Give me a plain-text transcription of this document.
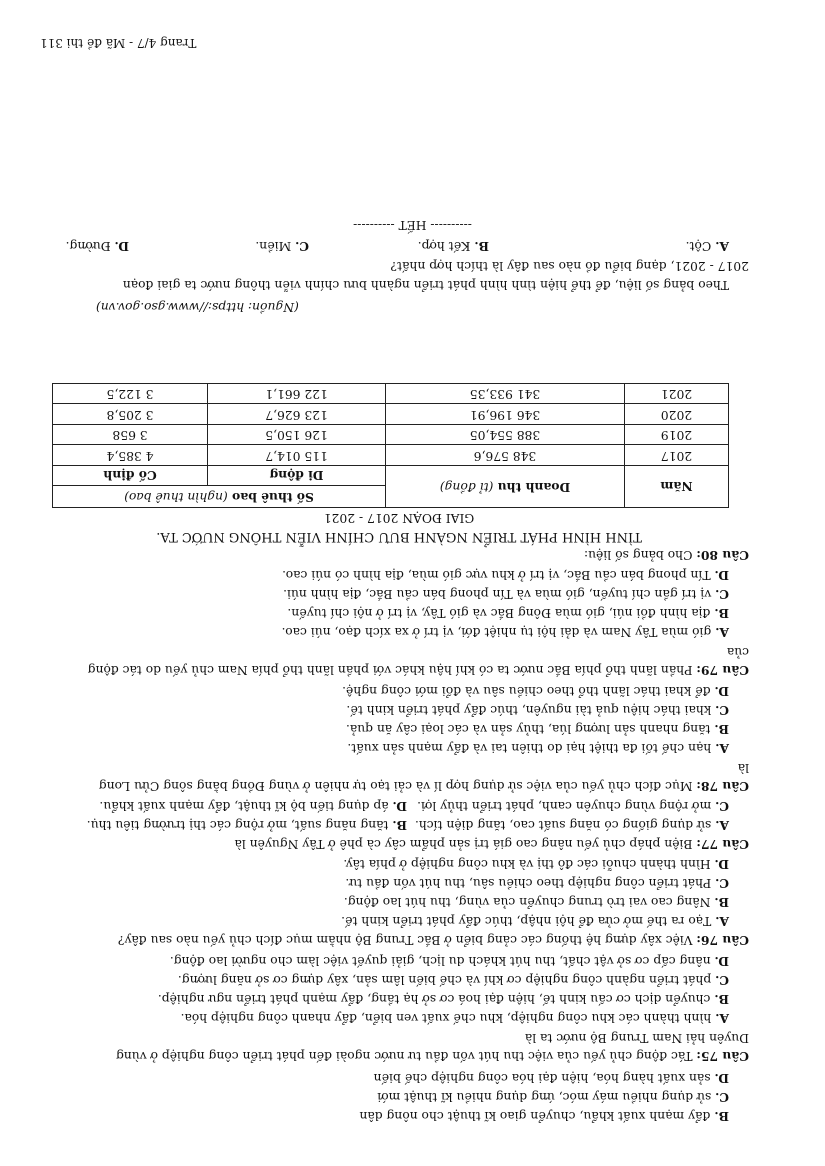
B. đẩy mạnh xuất khẩu, chuyển giao kĩ thuật cho nông dân
C. sử dụng nhiều máy móc, ứng dụng nhiều kĩ thuật mới
D. sản xuất hàng hóa, hiện đại hóa công nghiệp chế biến
Câu 75: Tác động chủ yếu của việc thu hút vốn đầu tư nước ngoài đến phát triển công nghiệp ở vùng
Duyên hải Nam Trung Bộ nước ta là
A. hình thành các khu công nghiệp, khu chế xuất ven biển, đẩy nhanh công nghiệp hóa.
B. chuyển dịch cơ cấu kinh tế, hiện đại hoá cơ sở hạ tầng, đẩy mạnh phát triển ngư nghiệp.
C. phát triển ngành công nghiệp cơ khí và chế biến lâm sản, xây dựng cơ sở năng lượng.
D. nâng cấp cơ sở vật chất, thu hút khách du lịch, giải quyết việc làm cho người lao động.
Câu 76: Việc xây dựng hệ thống các cảng biển ở Bắc Trung Bộ nhằm mục đích chủ yếu nào sau đây?
A. Tạo ra thế mở cửa để hội nhập, thúc đẩy phát triển kinh tế.
B. Nâng cao vai trò trung chuyển của vùng, thu hút lao động.
C. Phát triển công nghiệp theo chiều sâu, thu hút vốn đầu tư.
D. Hình thành chuỗi các đô thị và khu công nghiệp ở phía tây.
Câu 77: Biện pháp chủ yếu nâng cao giá trị sản phẩm cây cà phê ở Tây Nguyên là
A. sử dụng giống có năng suất cao, tăng diện tích.
B. tăng năng suất, mở rộng các thị trường tiêu thụ.
C. mở rộng vùng chuyên canh, phát triển thủy lợi.
D. áp dụng tiến bộ kĩ thuật, đẩy mạnh xuất khẩu.
Câu 78: Mục đích chủ yếu của việc sử dụng hợp lí và cải tạo tự nhiên ở vùng Đồng bằng sông Cửu Long
là
A. hạn chế tối đa thiệt hại do thiên tai và đẩy mạnh sản xuất.
B. tăng nhanh sản lượng lúa, thủy sản và các loại cây ăn quả.
C. khai thác hiệu quả tài nguyên, thúc đẩy phát triển kinh tế.
D. để khai thác lãnh thổ theo chiều sâu và đổi mới công nghệ.
Câu 79: Phần lãnh thổ phía Bắc nước ta có khí hậu khác với phần lãnh thổ phía Nam chủ yếu do tác động
của
A. gió mùa Tây Nam và dải hội tụ nhiệt đới, vị trí ở xa xích đạo, núi cao.
B. địa hình đồi núi, gió mùa Đông Bắc và gió Tây, vị trí ở nội chí tuyến.
C. vị trí gần chí tuyến, gió mùa và Tín phong bán cầu Bắc, địa hình núi.
D. Tín phong bán cầu Bắc, vị trí ở khu vực gió mùa, địa hình có núi cao.
Câu 80: Cho bảng số liệu:
TÌNH HÌNH PHÁT TRIỂN NGÀNH BƯU CHÍNH VIỄN THÔNG NƯỚC TA.
GIAI ĐOẠN 2017 - 2021
Năm	Doanh thu (tỉ đồng)	Số thuê bao (nghìn thuê bao)	
		Di động	Cố định
2017	348 576,6	115 014,7	4 385,4
2019	388 554,05	126 150,5	3 658
2020	346 196,91	123 626,7	3 205,8
2021	341 933,35	122 661,1	3 122,5
(Nguồn: https://www.gso.gov.vn)
Theo bảng số liệu, để thể hiện tình hình phát triển ngành bưu chính viễn thông nước ta giai đoạn
2017 - 2021, dạng biểu đồ nào sau đây là thích hợp nhất?
A. Cột.
B. Kết hợp.
C. Miền.
D. Đường.
---------- HẾT ----------
Trang 4/7 - Mã đề thi 311
